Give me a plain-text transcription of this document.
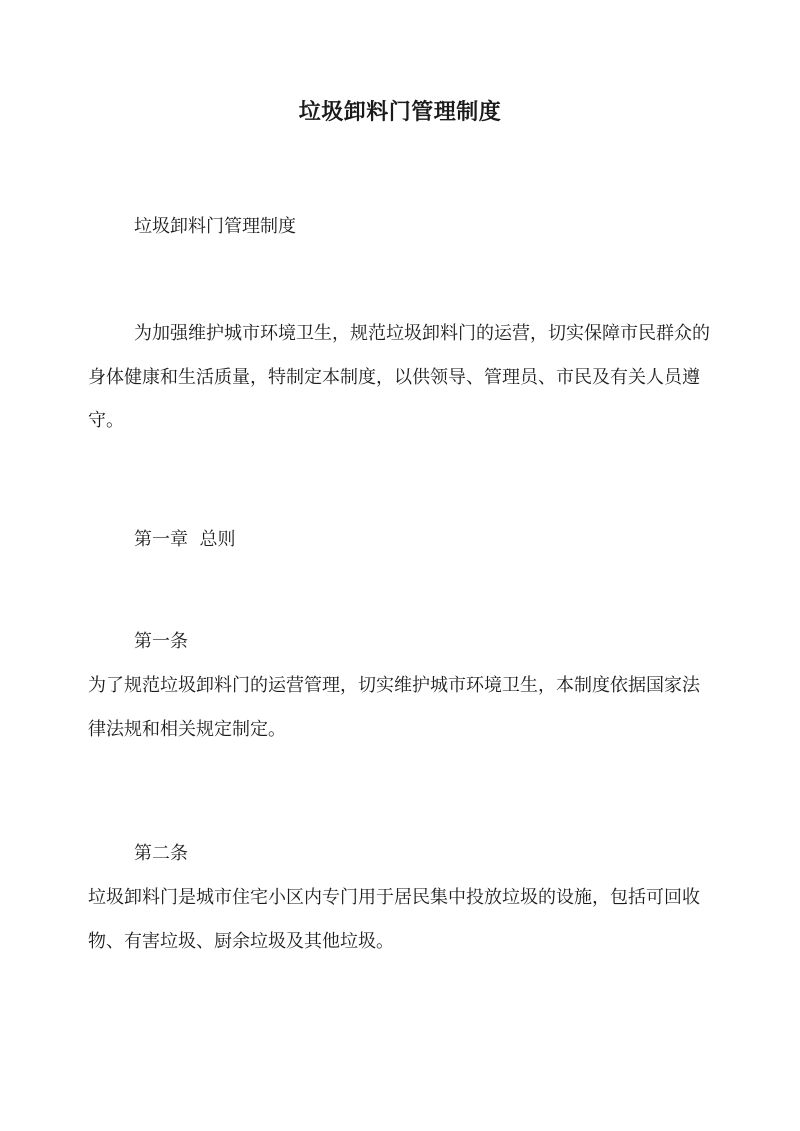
垃圾卸料门管理制度

垃圾卸料门管理制度

为加强维护城市环境卫生，规范垃圾卸料门的运营，切实保障市民群众的身体健康和生活质量，特制定本制度，以供领导、管理员、市民及有关人员遵守。

第一章  总则

第一条

为了规范垃圾卸料门的运营管理，切实维护城市环境卫生，本制度依据国家法律法规和相关规定制定。

第二条

垃圾卸料门是城市住宅小区内专门用于居民集中投放垃圾的设施，包括可回收物、有害垃圾、厨余垃圾及其他垃圾。
